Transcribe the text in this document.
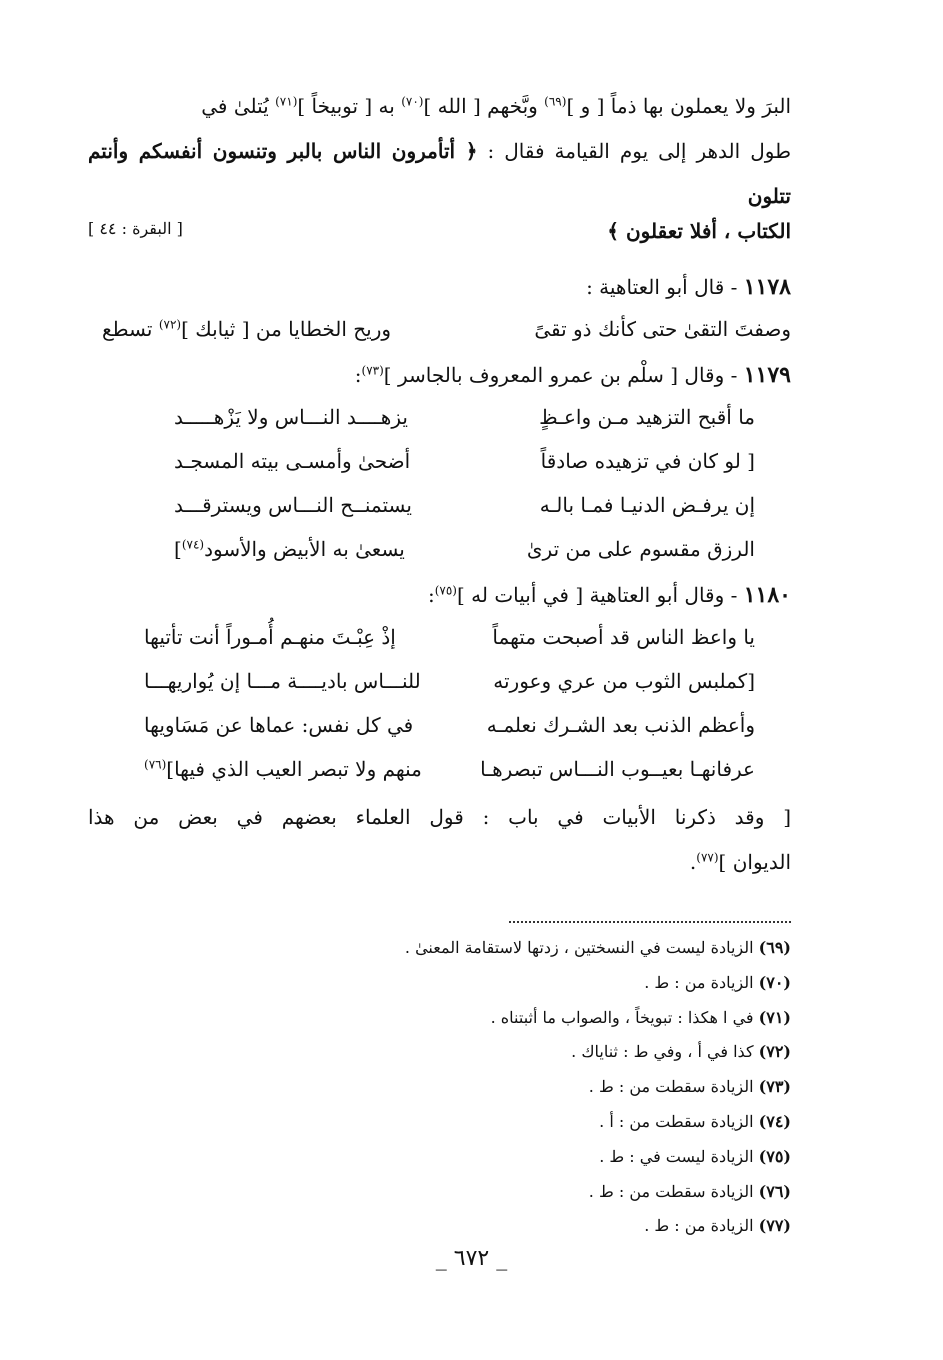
البرَ ولا يعملون بها ذماً [ و ]$^{(٦٩)}$ وبَّخهم [ الله ]$^{(٧٠)}$ به [ توبيخاً ]$^{(٧١)}$ يُتلىٰ في
طول الدهر إلى يوم القيامة فقال : ﴿ أتأمرون الناس بالبر وتنسون أنفسكم وأنتم تتلون
الكتاب ، أفلا تعقلون ﴾
[ البقرة : ٤٤ ]
١١٧٨ - قال أبو العتاهية :
وصفتَ التقىٰ حتى كأنك ذو تقىً
وريح الخطايا من [ ثيابك ]$^{(٧٢)}$ تسطع
١١٧٩ - وقال [ سلْم بن عمرو المعروف بالجاسر ]$^{(٧٣)}$:
ما أقبح التزهيد مـن واعـظٍ
يزهــــد النـــاس ولا يَزْهـــــد
[ لو كان في تزهيده صادقاً
أضحىٰ وأمسـى بيته المسجـد
إن يرفـض الدنيـا فمـا بالـه
يستمنــح النـــاس ويسترقـــد
الرزق مقسوم على من ترىٰ
يسعىٰ به الأبيض والأسود$^{(٧٤)}$]
١١٨٠ - وقال أبو العتاهية [ في أبيات له ]$^{(٧٥)}$:
يا واعظ الناس قد أصبحت متهماً
إذْ عِبْـتَ منهـم أُمـوراً أنت تأتيها
[كملبس الثوب من عري وعورته
للنـــاس باديــــة مـــا إن يُواريهـــا
وأعظم الذنب بعد الشـرك نعلمـه
في كل نفس: عماها عن مَسَاويها
عرفانهـا بعيــوب النـــاس تبصرهـا
منهم ولا تبصر العيب الذي فيها]$^{(٧٦)}$
[ وقد ذكرنا الأبيات في باب : قول العلماء بعضهم في بعض من هذا
الديوان ]$^{(٧٧)}$.
(٦٩) الزيادة ليست في النسختين ، زدتها لاستقامة المعنىٰ .
(٧٠) الزيادة من : ط .
(٧١) في ا هكذا : تبويخاً ، والصواب ما أثبتناه .
(٧٢) كذا في أ ، وفي ط : ثناياك .
(٧٣) الزيادة سقطت من : ط .
(٧٤) الزيادة سقطت من : أ .
(٧٥) الزيادة ليست في : ط .
(٧٦) الزيادة سقطت من : ط .
(٧٧) الزيادة من : ط .
_ ٦٧٢ _
